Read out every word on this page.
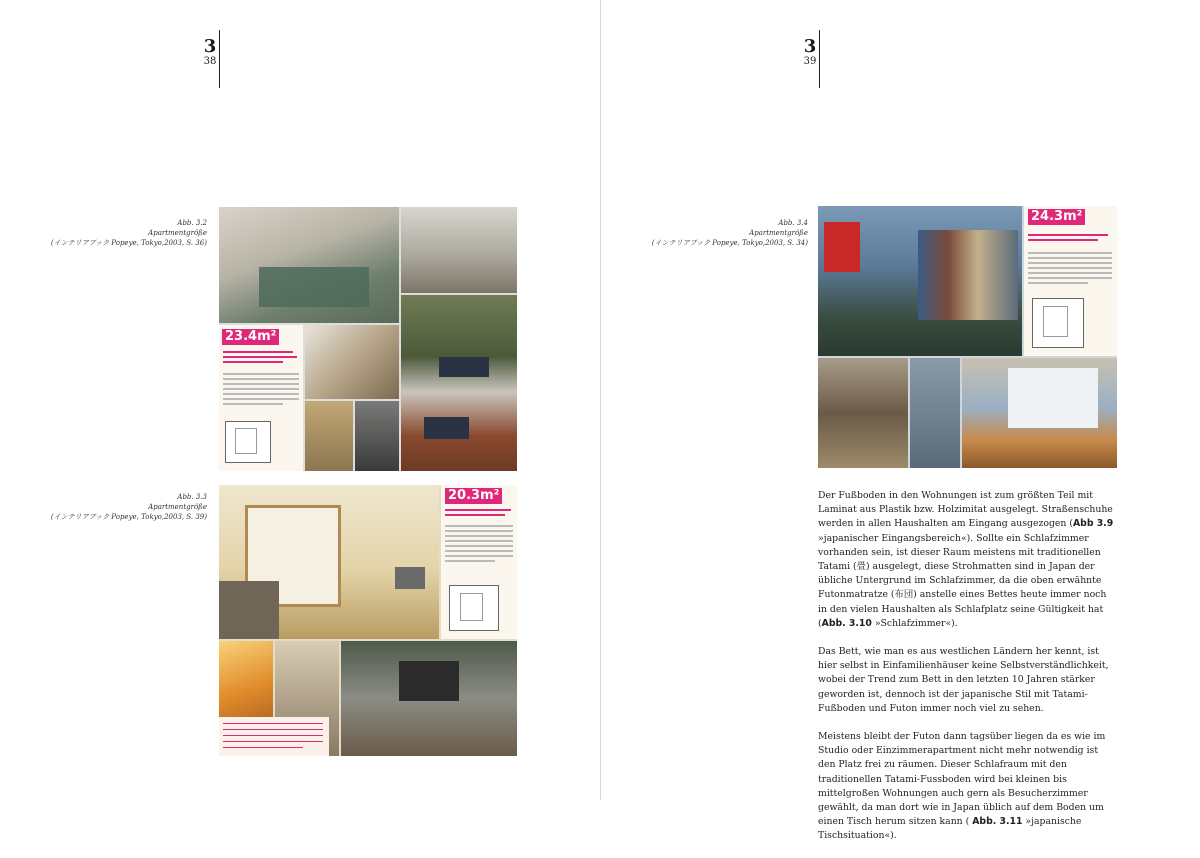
3
38
Abb. 3.2
Apartmentgröße
(インテリアブック Popeye, Tokyo,2003, S. 36)
23.4m²
Abb. 3.3
Apartmentgröße
(インテリアブック Popeye, Tokyo,2003, S. 39)
20.3m²
3
39
Abb. 3.4
Apartmentgröße
(インテリアブック Popeye, Tokyo,2003, S. 34)
24.3m²

Der Fußboden in den Wohnungen ist zum größten Teil mit Laminat aus Plastik bzw. Holzimitat ausgelegt. Straßenschuhe werden in allen Haushalten am Eingang ausgezogen (Abb 3.9 »japanischer Eingangsbereich«). Sollte ein Schlafzimmer vorhanden sein, ist dieser Raum meistens mit traditionellen Tatami (畳) ausgelegt, diese Strohmatten sind in Japan der übliche Untergrund im Schlafzimmer, da die oben erwähnte Futonmatratze (布団) anstelle eines Bettes heute immer noch in den vielen Haushalten als Schlafplatz seine Gültigkeit hat (Abb. 3.10 »Schlafzimmer«).

Das Bett, wie man es aus westlichen Ländern her kennt, ist hier selbst in Einfamilienhäuser keine Selbstverständlichkeit, wobei der Trend zum Bett in den letzten 10 Jahren stärker geworden ist, dennoch ist der japanische Stil mit Tatami-Fußboden und Futon immer noch viel zu sehen.

Meistens bleibt der Futon dann tagsüber liegen da es wie im Studio oder Einzimmerapartment nicht mehr notwendig ist den Platz frei zu räumen. Dieser Schlafraum mit den traditionellen Tatami-Fussboden wird bei kleinen bis mittelgroßen Wohnungen auch gern als Besucherzimmer gewählt, da man dort wie in Japan üblich auf dem Boden um einen Tisch herum sitzen kann ( Abb. 3.11 »japanische Tischsituation«).
